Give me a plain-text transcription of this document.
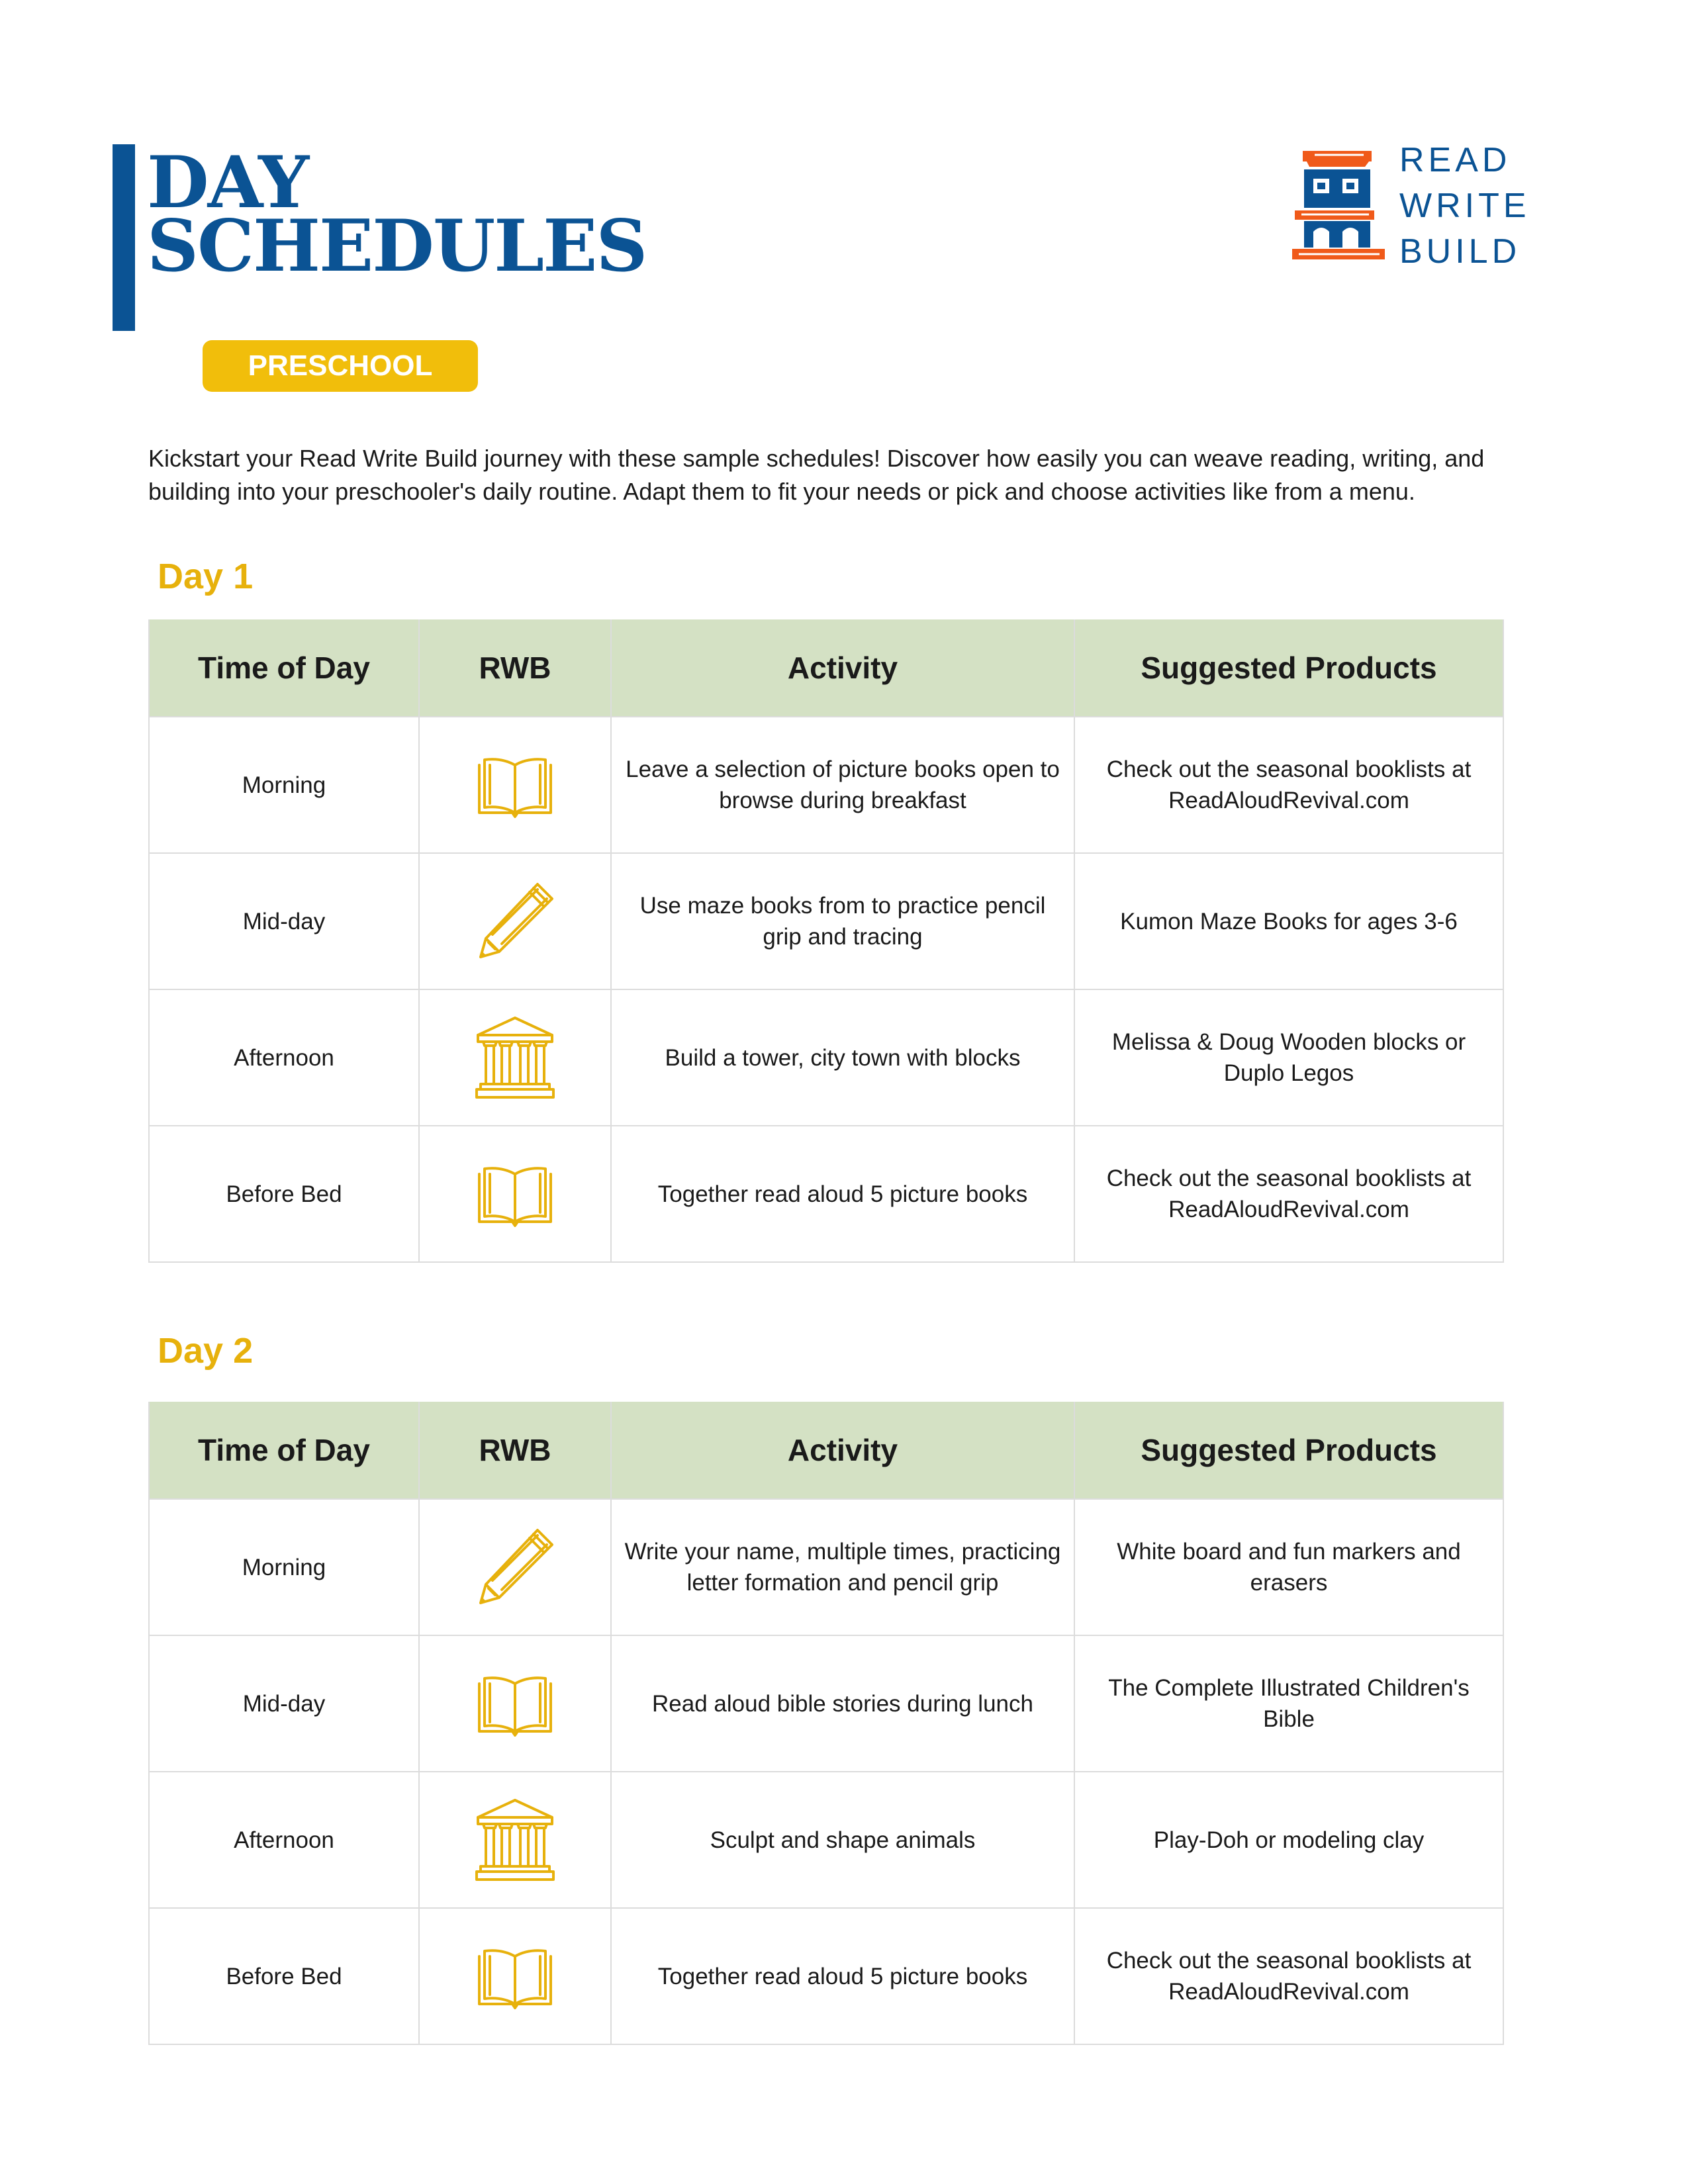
DAY
SCHEDULES
PRESCHOOL
READ
WRITE
BUILD

Kickstart your Read Write Build journey with these sample schedules! Discover how easily you can weave reading, writing, and building into your preschooler's daily routine. Adapt them to fit your needs or pick and choose activities like from a menu.

Day 1
Time of Day	RWB	Activity	Suggested Products
Morning		Leave a selection of picture books open to browse during breakfast	Check out the seasonal booklists at ReadAloudRevival.com
Mid-day		Use maze books from to practice pencil grip and tracing	Kumon Maze Books for ages 3-6
Afternoon		Build a tower, city town with blocks	Melissa & Doug Wooden blocks or Duplo Legos
Before Bed		Together read aloud 5 picture books	Check out the seasonal booklists at ReadAloudRevival.com
Day 2
Time of Day	RWB	Activity	Suggested Products
Morning		Write your name, multiple times, practicing letter formation and pencil grip	White board and fun markers and erasers
Mid-day		Read aloud bible stories during lunch	The Complete Illustrated Children's Bible
Afternoon		Sculpt and shape animals	Play-Doh or modeling clay
Before Bed		Together read aloud 5 picture books	Check out the seasonal booklists at ReadAloudRevival.com
